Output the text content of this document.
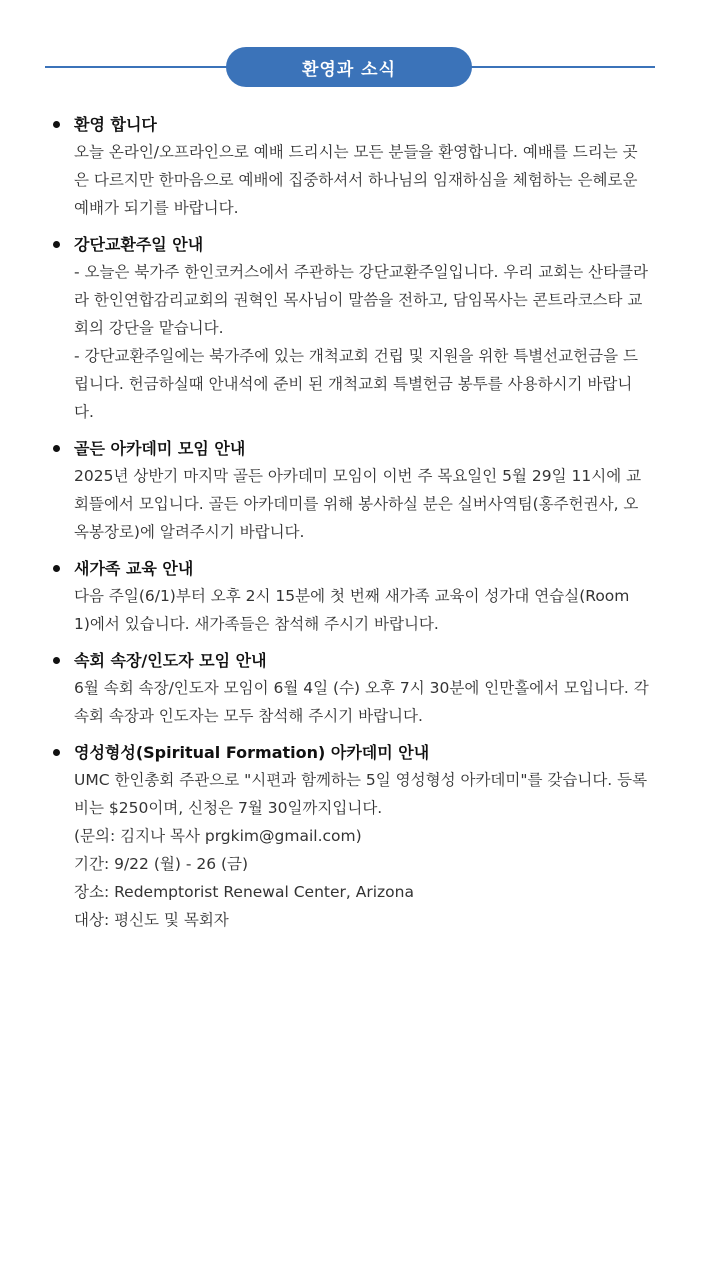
환영과 소식
환영 합니다

오늘 온라인/오프라인으로 예배 드리시는 모든 분들을 환영합니다. 예배를 드리는 곳은 다르지만 한마음으로 예배에 집중하셔서 하나님의 임재하심을 체험하는 은혜로운 예배가 되기를 바랍니다.

강단교환주일 안내

- 오늘은 북가주 한인코커스에서 주관하는 강단교환주일입니다. 우리 교회는 산타클라라 한인연합감리교회의 권혁인 목사님이 말씀을 전하고, 담임목사는 콘트라코스타 교회의 강단을 맡습니다.

- 강단교환주일에는 북가주에 있는 개척교회 건립 및 지원을 위한 특별선교헌금을 드립니다. 헌금하실때 안내석에 준비 된 개척교회 특별헌금 봉투를 사용하시기 바랍니다.

골든 아카데미 모임 안내

2025년 상반기 마지막 골든 아카데미 모임이 이번 주 목요일인 5월 29일 11시에 교회뜰에서 모입니다. 골든 아카데미를 위해 봉사하실 분은 실버사역팀(홍주헌권사, 오옥봉장로)에 알려주시기 바랍니다.

새가족 교육 안내

다음 주일(6/1)부터 오후 2시 15분에 첫 번째 새가족 교육이 성가대 연습실(Room 1)에서 있습니다. 새가족들은 참석해 주시기 바랍니다.

속회 속장/인도자 모임 안내

6월 속회 속장/인도자 모임이 6월 4일 (수) 오후 7시 30분에 인만홀에서 모입니다. 각 속회 속장과 인도자는 모두 참석해 주시기 바랍니다.

영성형성(Spiritual Formation) 아카데미 안내

UMC 한인총회 주관으로 "시편과 함께하는 5일 영성형성 아카데미"를 갖습니다. 등록비는 $250이며, 신청은 7월 30일까지입니다.

(문의: 김지나 목사 prgkim@gmail.com)

기간: 9/22 (월) - 26 (금)

장소: Redemptorist Renewal Center, Arizona

대상: 평신도 및 목회자
